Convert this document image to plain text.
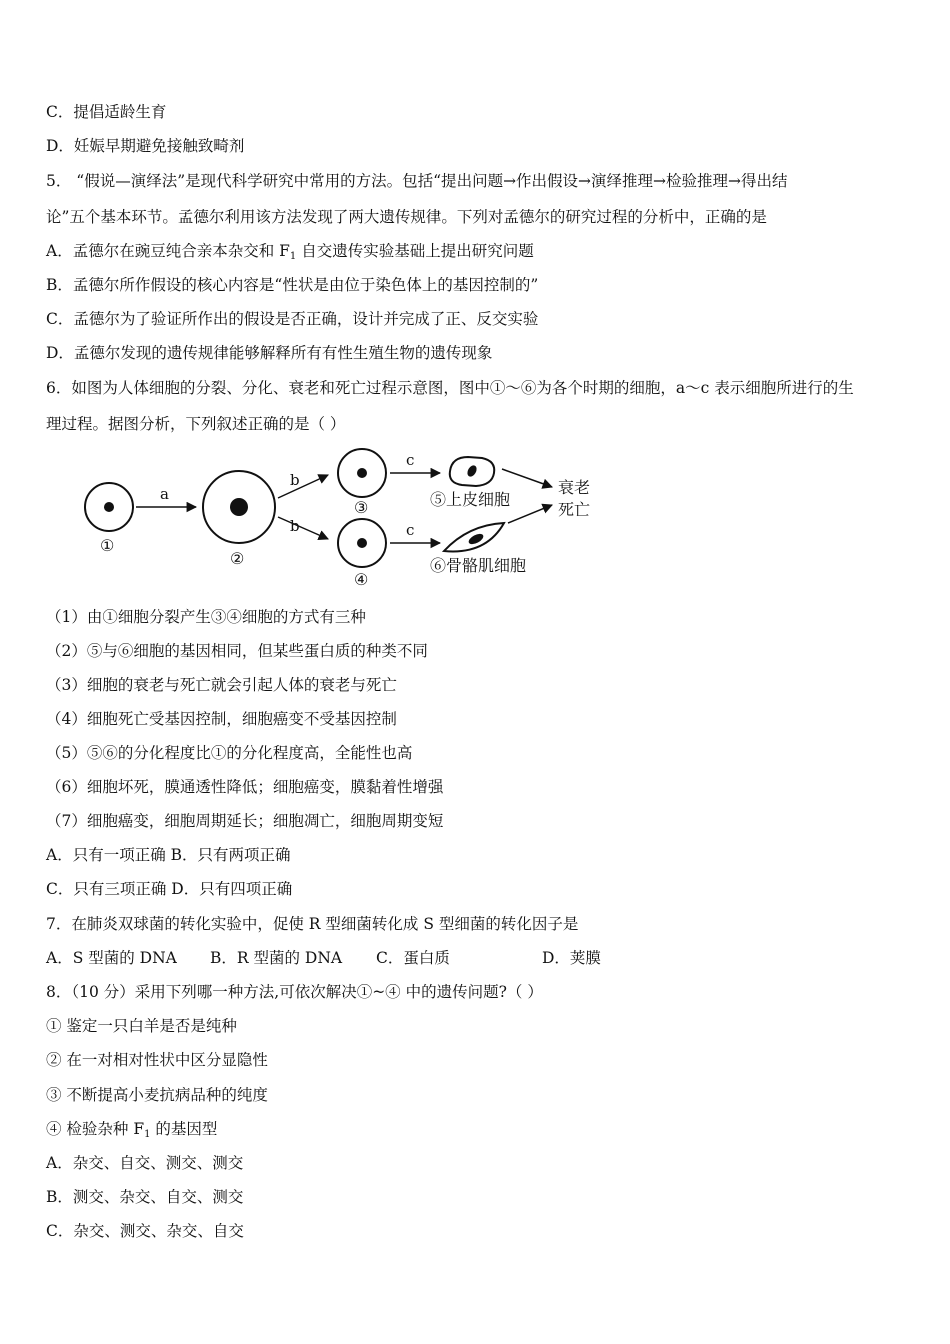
C．提倡适龄生育
D．妊娠早期避免接触致畸剂
5． “假说—演绎法”是现代科学研究中常用的方法。包括“提出问题→作出假设→演绎推理→检验推理→得出结
论”五个基本环节。孟德尔利用该方法发现了两大遗传规律。下列对孟德尔的研究过程的分析中，正确的是
A．孟德尔在豌豆纯合亲本杂交和 $F_1$ 自交遗传实验基础上提出研究问题
B．孟德尔所作假设的核心内容是“性状是由位于染色体上的基因控制的”
C．孟德尔为了验证所作出的假设是否正确，设计并完成了正、反交实验
D．孟德尔发现的遗传规律能够解释所有有性生殖生物的遗传现象
6．如图为人体细胞的分裂、分化、衰老和死亡过程示意图，图中①～⑥为各个时期的细胞，a～c 表示细胞所进行的生
理过程。据图分析，下列叙述正确的是（ ）
①
a
②
b
b
③
④
c
c
⑤上皮细胞
⑥骨骼肌细胞
衰老
死亡
（1）由①细胞分裂产生③④细胞的方式有三种
（2）⑤与⑥细胞的基因相同，但某些蛋白质的种类不同
（3）细胞的衰老与死亡就会引起人体的衰老与死亡
（4）细胞死亡受基因控制，细胞癌变不受基因控制
（5）⑤⑥的分化程度比①的分化程度高，全能性也高
（6）细胞坏死，膜通透性降低；细胞癌变，膜黏着性增强
（7）细胞癌变，细胞周期延长；细胞凋亡，细胞周期变短
A．只有一项正确 B．只有两项正确
C．只有三项正确 D．只有四项正确
7．在肺炎双球菌的转化实验中，促使 R 型细菌转化成 S 型细菌的转化因子是
A．S 型菌的 DNA B．R 型菌的 DNA C．蛋白质	D．荚膜
8．（10 分）采用下列哪一种方法,可依次解决①~④ 中的遗传问题?（ ）
① 鉴定一只白羊是否是纯种
② 在一对相对性状中区分显隐性
③ 不断提高小麦抗病品种的纯度
④ 检验杂种 $F_1$ 的基因型
A．杂交、自交、测交、测交
B．测交、杂交、自交、测交
C．杂交、测交、杂交、自交
